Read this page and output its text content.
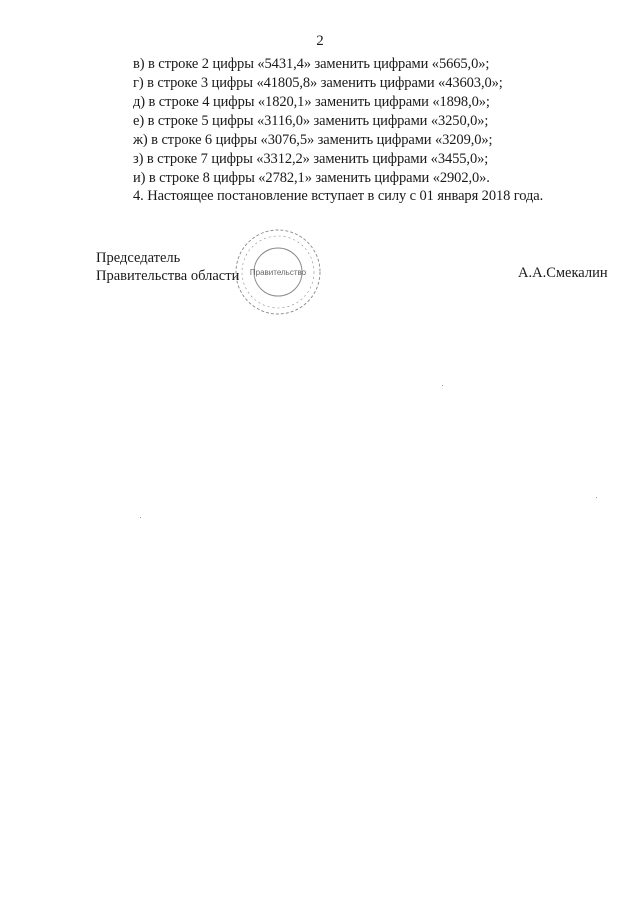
2
в) в строке 2 цифры «5431,4» заменить цифрами «5665,0»;
г) в строке 3 цифры «41805,8» заменить цифрами «43603,0»;
д) в строке 4 цифры «1820,1» заменить цифрами «1898,0»;
е) в строке 5 цифры «3116,0» заменить цифрами «3250,0»;
ж) в строке 6 цифры «3076,5» заменить цифрами «3209,0»;
з) в строке 7 цифры «3312,2» заменить цифрами «3455,0»;
и) в строке 8 цифры «2782,1» заменить цифрами «2902,0».
4. Настоящее постановление вступает в силу с 01 января 2018 года.
Председатель
Правительства области Правительство	А.А.Смекалин
